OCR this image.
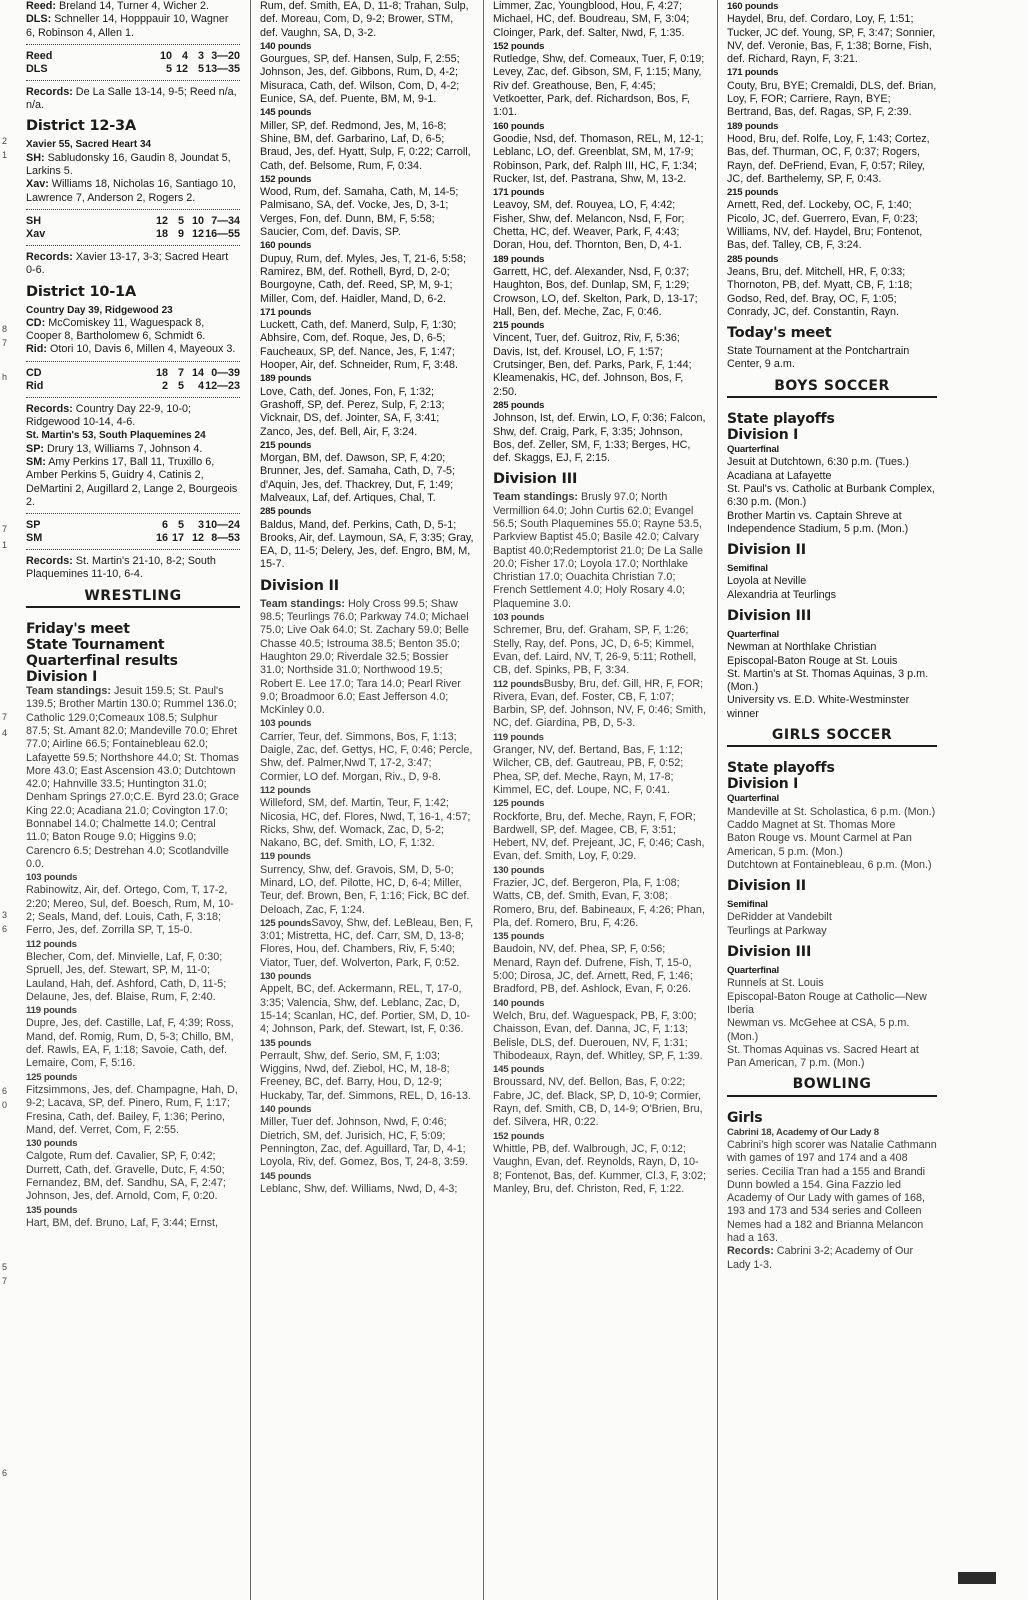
2
1
8
7
h
7
1
7
4
3
6
6
0
5
7
6

Reed: Breland 14, Turner 4, Wicher 2.

DLS: Schneller 14, Hopppauir 10, Wagner 6, Robinson 4, Allen 1.

Reed	10 4 3 3—20
DLS	5 12 5 13—35

Records: De La Salle 13-14, 9-5; Reed n/a, n/a.

District 12-3A

Xavier 55, Sacred Heart 34

SH: Sabludonsky 16, Gaudin 8, Joundat 5, Larkins 5.

Xav: Williams 18, Nicholas 16, Santiago 10, Lawrence 7, Anderson 2, Rogers 2.

SH	12 5 10 7—34
Xav	18 9 12 16—55

Records: Xavier 13-17, 3-3; Sacred Heart 0-6.

District 10-1A

Country Day 39, Ridgewood 23

CD: McComiskey 11, Waguespack 8, Cooper 8, Bartholomew 6, Schmidt 6.

Rid: Otori 10, Davis 6, Millen 4, Mayeoux 3.

CD	18 7 14 0—39
Rid	2 5	4 12—23

Records: Country Day 22-9, 10-0; Ridgewood 10-14, 4-6.

St. Martin's 53, South Plaquemines 24

SP: Drury 13, Williams 7, Johnson 4.

SM: Amy Perkins 17, Ball 11, Truxillo 6, Amber Perkins 5, Guidry 4, Catinis 2, DeMartini 2, Augillard 2, Lange 2, Bourgeois 2.

SP	6 5	3 10—24
SM	16 17 12 8—53

Records: St. Martin's 21-10, 8-2; South Plaquemines 11-10, 6-4.

WRESTLING
Friday's meet
State Tournament
Quarterfinal results
Division I

Team standings: Jesuit 159.5; St. Paul's 139.5; Brother Martin 130.0; Rummel 136.0; Catholic 129.0;Comeaux 108.5; Sulphur 87.5; St. Amant 82.0; Mandeville 70.0; Ehret 77.0; Airline 66.5; Fontainebleau 62.0; Lafayette 59.5; Northshore 44.0; St. Thomas More 43.0; East Ascension 43.0; Dutchtown 42.0; Hahnville 33.5; Huntington 31.0; Denham Springs 27.0;C.E. Byrd 23.0; Grace King 22.0; Acadiana 21.0; Covington 17.0; Bonnabel 14.0; Chalmette 14.0; Central 11.0; Baton Rouge 9.0; Higgins 9.0; Carencro 6.5; Destrehan 4.0; Scotlandville 0.0.

103 pounds

Rabinowitz, Air, def. Ortego, Com, T, 17-2, 2:20; Mereo, Sul, def. Boesch, Rum, M, 10-2; Seals, Mand, def. Louis, Cath, F, 3:18; Ferro, Jes, def. Zorrilla SP, T, 15-0.

112 pounds

Blecher, Com, def. Minvielle, Laf, F, 0:30; Spruell, Jes, def. Stewart, SP, M, 11-0; Lauland, Hah, def. Ashford, Cath, D, 11-5; Delaune, Jes, def. Blaise, Rum, F, 2:40.

119 pounds

Dupre, Jes, def. Castille, Laf, F, 4:39; Ross, Mand, def. Romig, Rum, D, 5-3; Chillo, BM, def. Rawls, EA, F, 1:18; Savoie, Cath, def. Lemaire, Com, F, 5:16.

125 pounds

Fitzsimmons, Jes, def. Champagne, Hah, D, 9-2; Lacava, SP, def. Pinero, Rum, F, 1:17; Fresina, Cath, def. Bailey, F, 1:36; Perino, Mand, def. Verret, Com, F, 2:55.

130 pounds

Calgote, Rum def. Cavalier, SP, F, 0:42; Durrett, Cath, def. Gravelle, Dutc, F, 4:50; Fernandez, BM, def. Sandhu, SA, F, 2:47; Johnson, Jes, def. Arnold, Com, F, 0:20.

135 pounds

Hart, BM, def. Bruno, Laf, F, 3:44; Ernst,

Rum, def. Smith, EA, D, 11-8; Trahan, Sulp, def. Moreau, Com, D, 9-2; Brower, STM, def. Vaughn, SA, D, 3-2.

140 pounds

Gourgues, SP, def. Hansen, Sulp, F, 2:55; Johnson, Jes, def. Gibbons, Rum, D, 4-2; Misuraca, Cath, def. Wilson, Com, D, 4-2; Eunice, SA, def. Puente, BM, M, 9-1.

145 pounds

Miller, SP, def. Redmond, Jes, M, 16-8; Shine, BM, def. Garbarino, Laf, D, 6-5; Braud, Jes, def. Hyatt, Sulp, F, 0:22; Carroll, Cath, def. Belsome, Rum, F, 0:34.

152 pounds

Wood, Rum, def. Samaha, Cath, M, 14-5; Palmisano, SA, def. Vocke, Jes, D, 3-1; Verges, Fon, def. Dunn, BM, F, 5:58; Saucier, Com, def. Davis, SP.

160 pounds

Dupuy, Rum, def. Myles, Jes, T, 21-6, 5:58; Ramirez, BM, def. Rothell, Byrd, D, 2-0; Bourgoyne, Cath, def. Reed, SP, M, 9-1; Miller, Com, def. Haidler, Mand, D, 6-2.

171 pounds

Luckett, Cath, def. Manerd, Sulp, F, 1:30; Abhsire, Com, def. Roque, Jes, D, 6-5; Faucheaux, SP, def. Nance, Jes, F, 1:47; Hooper, Air, def. Schneider, Rum, F, 3:48.

189 pounds

Love, Cath, def. Jones, Fon, F, 1:32; Grashoff, SP, def. Perez, Sulp, F, 2:13; Vicknair, DS, def. Jointer, SA, F, 3:41; Zanco, Jes, def. Bell, Air, F, 3:24.

215 pounds

Morgan, BM, def. Dawson, SP, F, 4:20; Brunner, Jes, def. Samaha, Cath, D, 7-5; d'Aquin, Jes, def. Thackrey, Dut, F, 1:49; Malveaux, Laf, def. Artiques, Chal, T.

285 pounds

Baldus, Mand, def. Perkins, Cath, D, 5-1; Brooks, Air, def. Laymoun, SA, F, 3:35; Gray, EA, D, 11-5; Delery, Jes, def. Engro, BM, M, 15-7.

Division II

Team standings: Holy Cross 99.5; Shaw 98.5; Teurlings 76.0; Parkway 74.0; Michael 75.0; Live Oak 64.0; St. Zachary 59.0; Belle Chasse 40.5; Istrouma 38.5; Benton 35.0; Haughton 29.0; Riverdale 32.5; Bossier 31.0; Northside 31.0; Northwood 19.5; Robert E. Lee 17.0; Tara 14.0; Pearl River 9.0; Broadmoor 6.0; East Jefferson 4.0; McKinley 0.0.

103 pounds

Carrier, Teur, def. Simmons, Bos, F, 1:13; Daigle, Zac, def. Gettys, HC, F, 0:46; Percle, Shw, def. Palmer,Nwd T, 17-2, 3:47; Cormier, LO def. Morgan, Riv., D, 9-8.

112 pounds

Willeford, SM, def. Martin, Teur, F, 1:42; Nicosia, HC, def. Flores, Nwd, T, 16-1, 4:57; Ricks, Shw, def. Womack, Zac, D, 5-2; Nakano, BC, def. Smith, LO, F, 1:32.

119 pounds

Surrency, Shw, def. Gravois, SM, D, 5-0; Minard, LO, def. Pilotte, HC, D, 6-4; Miller, Teur, def. Brown, Ben, F, 1:16; Fick, BC def. Deloach, Zac, F, 1:24.

125 poundsSavoy, Shw, def. LeBleau, Ben, F, 3:01; Mistretta, HC, def. Carr, SM, D, 13-8; Flores, Hou, def. Chambers, Riv, F, 5:40; Viator, Tuer, def. Wolverton, Park, F, 0:52.

130 pounds

Appelt, BC, def. Ackermann, REL, T, 17-0, 3:35; Valencia, Shw, def. Leblanc, Zac, D, 15-14; Scanlan, HC, def. Portier, SM, D, 10-4; Johnson, Park, def. Stewart, Ist, F, 0:36.

135 pounds

Perrault, Shw, def. Serio, SM, F, 1:03; Wiggins, Nwd, def. Ziebol, HC, M, 18-8; Freeney, BC, def. Barry, Hou, D, 12-9; Huckaby, Tar, def. Simmons, REL, D, 16-13.

140 pounds

Miller, Tuer def. Johnson, Nwd, F, 0:46; Dietrich, SM, def. Jurisich, HC, F, 5:09; Pennington, Zac, def. Aguillard, Tar, D, 4-1; Loyola, Riv, def. Gomez, Bos, T, 24-8, 3:59.

145 pounds

Leblanc, Shw, def. Williams, Nwd, D, 4-3;

Limmer, Zac, Youngblood, Hou, F, 4:27; Michael, HC, def. Boudreau, SM, F, 3:04; Cloinger, Park, def. Salter, Nwd, F, 1:35.

152 pounds

Rutledge, Shw, def. Comeaux, Tuer, F, 0:19; Levey, Zac, def. Gibson, SM, F, 1:15; Many, Riv def. Greathouse, Ben, F, 4:45; Vetkoetter, Park, def. Richardson, Bos, F, 1:01.

160 pounds

Goodie, Nsd, def. Thomason, REL, M, 12-1; Leblanc, LO, def. Greenblat, SM, M, 17-9; Robinson, Park, def. Ralph III, HC, F, 1:34; Rucker, Ist, def. Pastrana, Shw, M, 13-2.

171 pounds

Leavoy, SM, def. Rouyea, LO, F, 4:42; Fisher, Shw, def. Melancon, Nsd, F, For; Chetta, HC, def. Weaver, Park, F, 4:43; Doran, Hou, def. Thornton, Ben, D, 4-1.

189 pounds

Garrett, HC, def. Alexander, Nsd, F, 0:37; Haughton, Bos, def. Dunlap, SM, F, 1:29; Crowson, LO, def. Skelton, Park, D, 13-17; Hall, Ben, def. Meche, Zac, F, 0:46.

215 pounds

Vincent, Tuer, def. Guitroz, Riv, F, 5:36; Davis, Ist, def. Krousel, LO, F, 1:57; Crutsinger, Ben, def. Parks, Park, F, 1:44; Kleamenakis, HC, def. Johnson, Bos, F, 2:50.

285 pounds

Johnson, Ist, def. Erwin, LO, F, 0:36; Falcon, Shw, def. Craig, Park, F, 3:35; Johnson, Bos, def. Zeller, SM, F, 1:33; Berges, HC, def. Skaggs, EJ, F, 2:15.

Division III

Team standings: Brusly 97.0; North Vermillion 64.0; John Curtis 62.0; Evangel 56.5; South Plaquemines 55.0; Rayne 53.5, Parkview Baptist 45.0; Basile 42.0; Calvary Baptist 40.0;Redemptorist 21.0; De La Salle 20.0; Fisher 17.0; Loyola 17.0; Northlake Christian 17.0; Ouachita Christian 7.0; French Settlement 4.0; Holy Rosary 4.0; Plaquemine 3.0.

103 pounds

Schremer, Bru, def. Graham, SP, F, 1:26; Stelly, Ray, def. Pons, JC, D, 6-5; Kimmel, Evan, def. Laird, NV, T, 26-9, 5:11; Rothell, CB, def. Spinks, PB, F, 3:34.

112 poundsBusby, Bru, def. Gill, HR, F, FOR; Rivera, Evan, def. Foster, CB, F, 1:07; Barbin, SP, def. Johnson, NV, F, 0:46; Smith, NC, def. Giardina, PB, D, 5-3.

119 pounds

Granger, NV, def. Bertand, Bas, F, 1:12; Wilcher, CB, def. Gautreau, PB, F, 0:52; Phea, SP, def. Meche, Rayn, M, 17-8; Kimmel, EC, def. Loupe, NC, F, 0:41.

125 pounds

Rockforte, Bru, def. Meche, Rayn, F, FOR; Bardwell, SP, def. Magee, CB, F, 3:51; Hebert, NV, def. Prejeant, JC, F, 0:46; Cash, Evan, def. Smith, Loy, F, 0:29.

130 pounds

Frazier, JC, def. Bergeron, Pla, F, 1:08; Watts, CB, def. Smith, Evan, F, 3:08; Romero, Bru, def. Babineaux, F, 4:26; Phan, Pla, def. Romero, Bru, F, 4:26.

135 pounds

Baudoin, NV, def. Phea, SP, F, 0:56; Menard, Rayn def. Dufrene, Fish, T, 15-0, 5:00; Dirosa, JC, def. Arnett, Red, F, 1:46; Bradford, PB, def. Ashlock, Evan, F, 0:26.

140 pounds

Welch, Bru, def. Waguespack, PB, F, 3:00; Chaisson, Evan, def. Danna, JC, F, 1:13; Belisle, DLS, def. Duerouen, NV, F, 1:31; Thibodeaux, Rayn, def. Whitley, SP, F, 1:39.

145 pounds

Broussard, NV, def. Bellon, Bas, F, 0:22; Fabre, JC, def. Black, SP, D, 10-9; Cormier, Rayn, def. Smith, CB, D, 14-9; O'Brien, Bru, def. Silvera, HR, 0:22.

152 pounds

Whittle, PB, def. Walbrough, JC, F, 0:12; Vaughn, Evan, def. Reynolds, Rayn, D, 10-8; Fontenot, Bas, def. Kummer, Cl.3, F, 3:02; Manley, Bru, def. Christon, Red, F, 1:22.

160 pounds

Haydel, Bru, def. Cordaro, Loy, F, 1:51; Tucker, JC def. Young, SP, F, 3:47; Sonnier, NV, def. Veronie, Bas, F, 1:38; Borne, Fish, def. Richard, Rayn, F, 3:21.

171 pounds

Couty, Bru, BYE; Cremaldi, DLS, def. Brian, Loy, F, FOR; Carriere, Rayn, BYE; Bertrand, Bas, def. Ragas, SP, F, 2:39.

189 pounds

Hood, Bru, def. Rolfe, Loy, F, 1:43; Cortez, Bas, def. Thurman, OC, F, 0:37; Rogers, Rayn, def. DeFriend, Evan, F, 0:57; Riley, JC, def. Barthelemy, SP, F, 0:43.

215 pounds

Arnett, Red, def. Lockeby, OC, F, 1:40; Picolo, JC, def. Guerrero, Evan, F, 0:23; Williams, NV, def. Haydel, Bru; Fontenot, Bas, def. Talley, CB, F, 3:24.

285 pounds

Jeans, Bru, def. Mitchell, HR, F, 0:33; Thornoton, PB, def. Myatt, CB, F, 1:18; Godso, Red, def. Bray, OC, F, 1:05; Conrady, JC, def. Constantin, Rayn.

Today's meet

State Tournament at the Pontchartrain Center, 9 a.m.

BOYS SOCCER
State playoffs
Division I

Quarterfinal

Jesuit at Dutchtown, 6:30 p.m. (Tues.)

Acadiana at Lafayette

St. Paul's vs. Catholic at Burbank Complex, 6:30 p.m. (Mon.)

Brother Martin vs. Captain Shreve at Independence Stadium, 5 p.m. (Mon.)

Division II

Semifinal

Loyola at Neville

Alexandria at Teurlings

Division III

Quarterfinal

Newman at Northlake Christian

Episcopal-Baton Rouge at St. Louis

St. Martin's at St. Thomas Aquinas, 3 p.m. (Mon.)

University vs. E.D. White-Westminster winner

GIRLS SOCCER
State playoffs
Division I

Quarterfinal

Mandeville at St. Scholastica, 6 p.m. (Mon.)

Caddo Magnet at St. Thomas More

Baton Rouge vs. Mount Carmel at Pan American, 5 p.m. (Mon.)

Dutchtown at Fontainebleau, 6 p.m. (Mon.)

Division II

Semifinal

DeRidder at Vandebilt

Teurlings at Parkway

Division III

Quarterfinal

Runnels at St. Louis

Episcopal-Baton Rouge at Catholic—New Iberia

Newman vs. McGehee at CSA, 5 p.m. (Mon.)

St. Thomas Aquinas vs. Sacred Heart at Pan American, 7 p.m. (Mon.)

BOWLING
Girls

Cabrini 18, Academy of Our Lady 8

Cabrini's high scorer was Natalie Cathmann with games of 197 and 174 and a 408 series. Cecilia Tran had a 155 and Brandi Dunn bowled a 154. Gina Fazzio led Academy of Our Lady with games of 168, 193 and 173 and 534 series and Colleen Nemes had a 182 and Brianna Melancon had a 163.

Records: Cabrini 3-2; Academy of Our Lady 1-3.
